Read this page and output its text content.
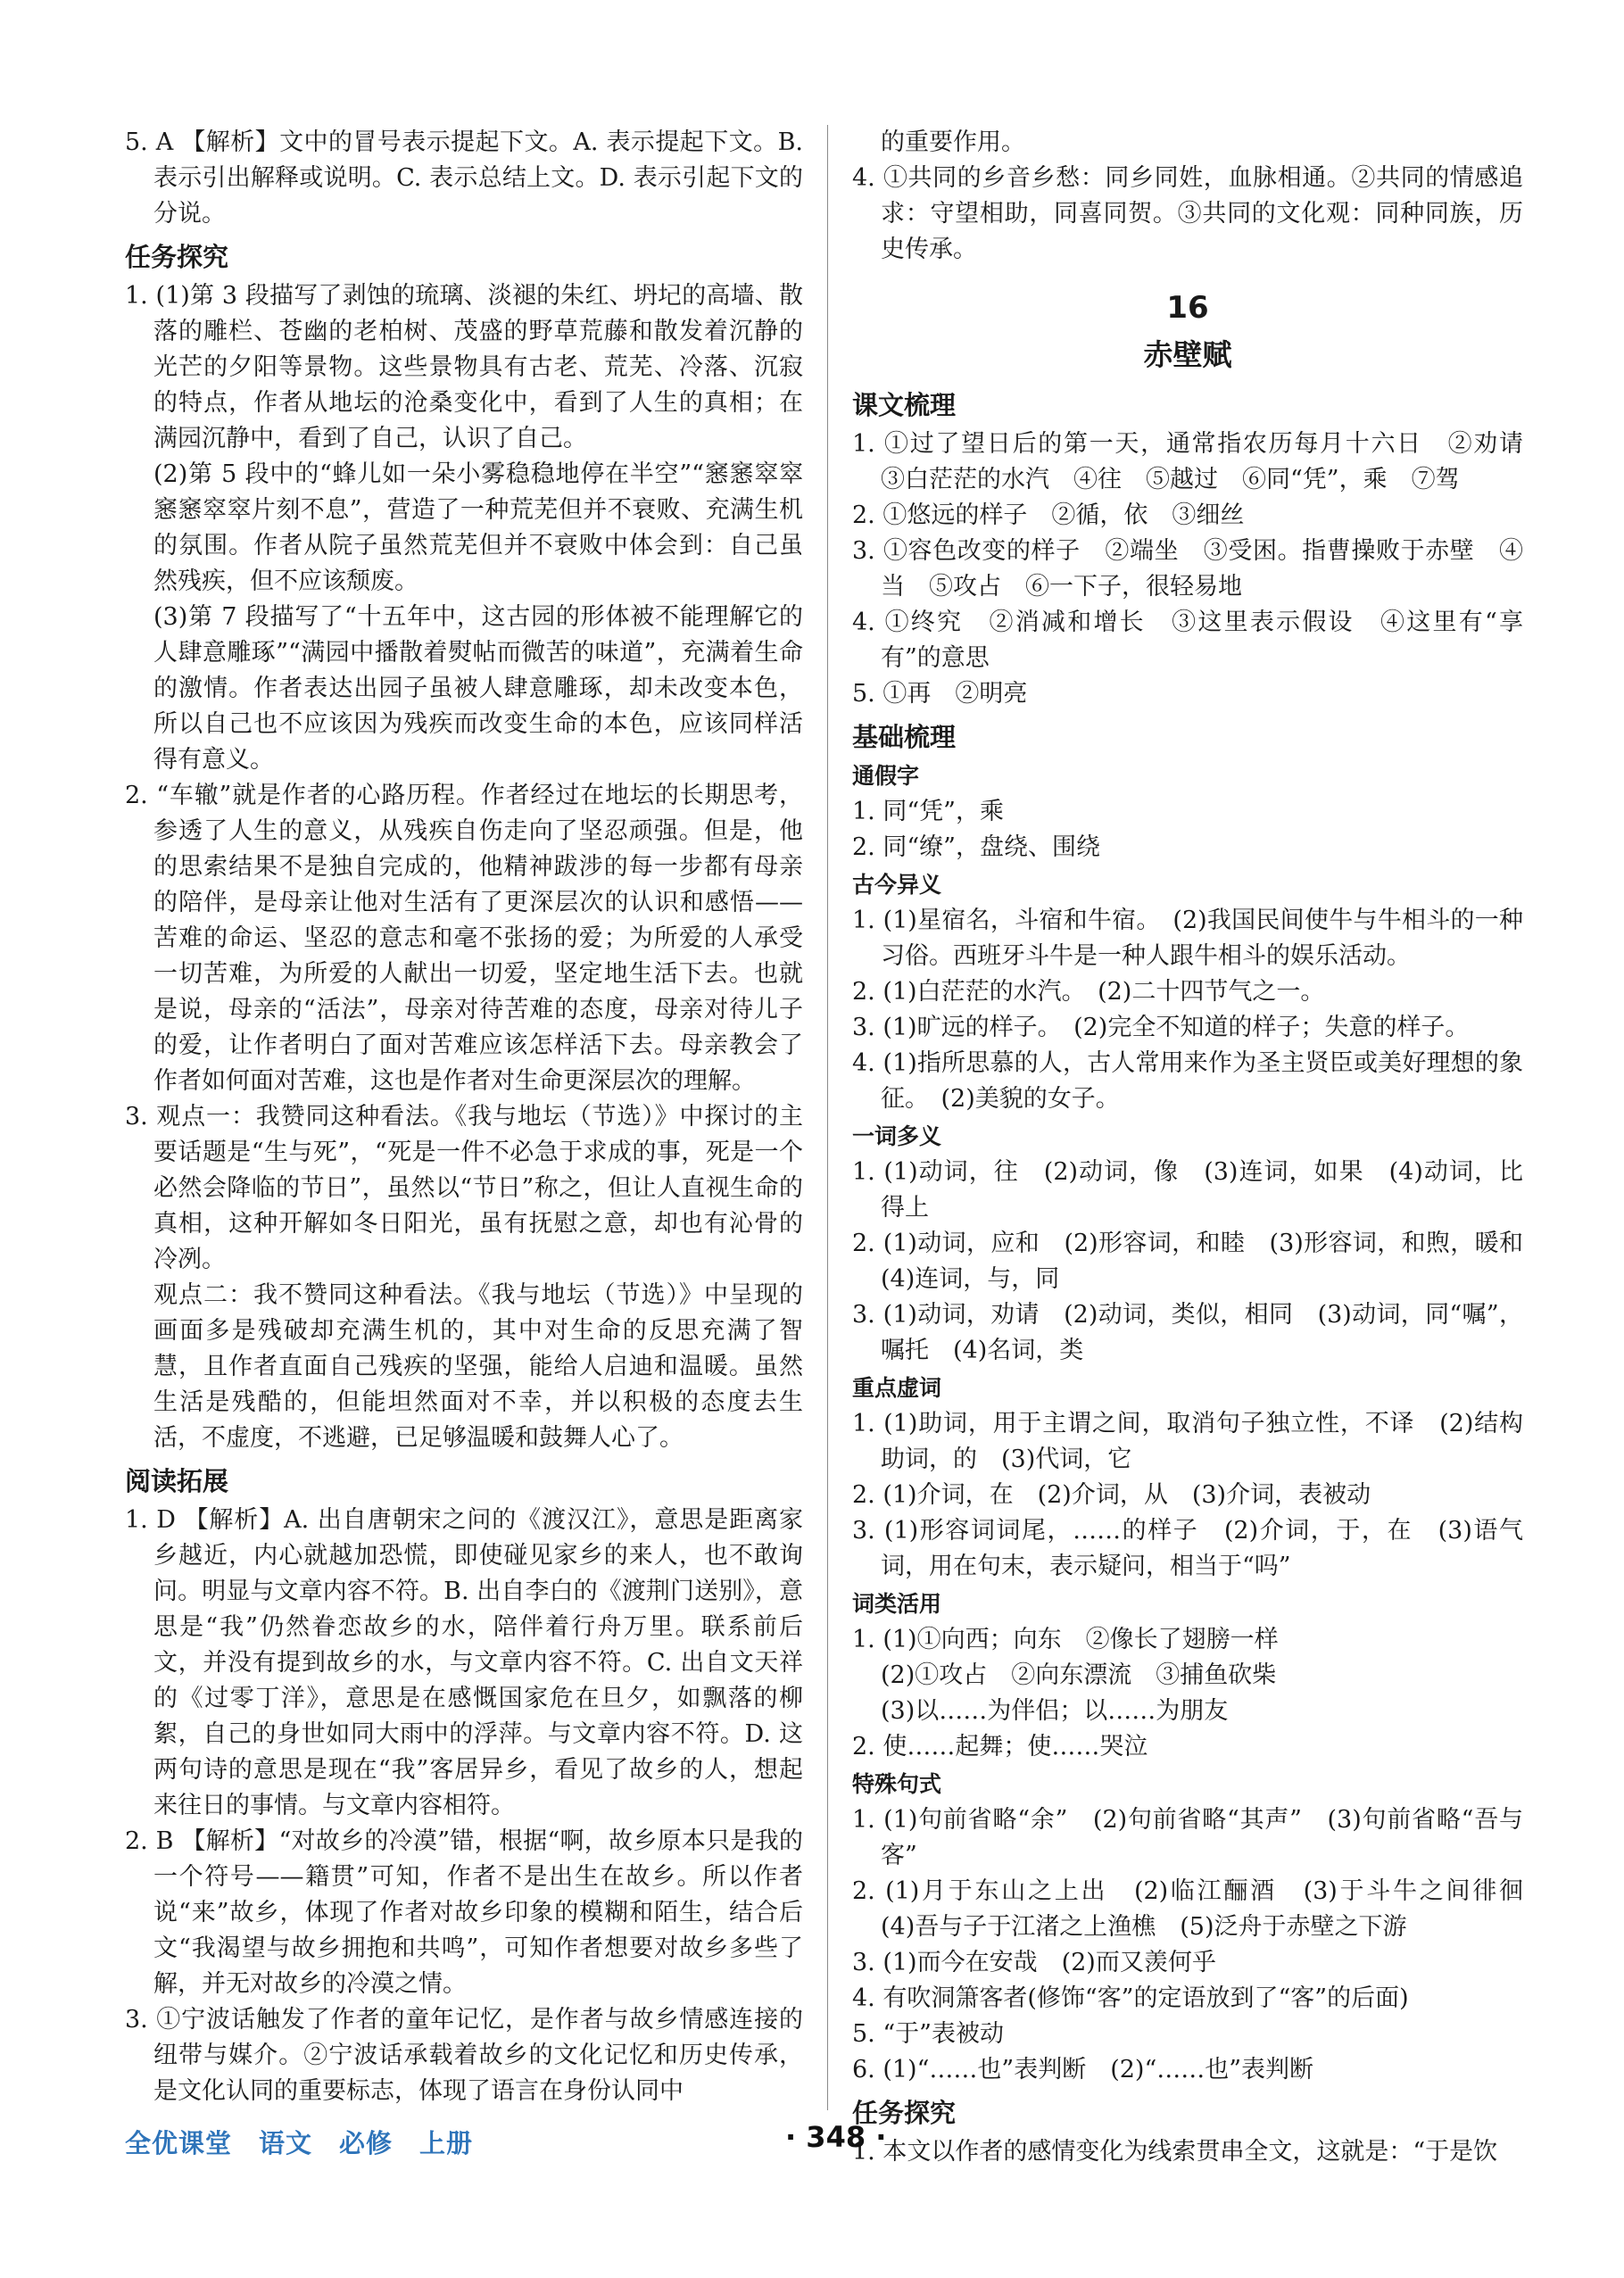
5. A 【解析】文中的冒号表示提起下文。A. 表示提起下文。B. 表示引出解释或说明。C. 表示总结上文。D. 表示引起下文的分说。

任务探究

1. (1)第 3 段描写了剥蚀的琉璃、淡褪的朱红、坍圮的高墙、散落的雕栏、苍幽的老柏树、茂盛的野草荒藤和散发着沉静的光芒的夕阳等景物。这些景物具有古老、荒芜、冷落、沉寂的特点，作者从地坛的沧桑变化中，看到了人生的真相；在满园沉静中，看到了自己，认识了自己。

(2)第 5 段中的“蜂儿如一朵小雾稳稳地停在半空”“窸窸窣窣窸窸窣窣片刻不息”，营造了一种荒芜但并不衰败、充满生机的氛围。作者从院子虽然荒芜但并不衰败中体会到：自己虽然残疾，但不应该颓废。

(3)第 7 段描写了“十五年中，这古园的形体被不能理解它的人肆意雕琢”“满园中播散着熨帖而微苦的味道”，充满着生命的激情。作者表达出园子虽被人肆意雕琢，却未改变本色，所以自己也不应该因为残疾而改变生命的本色，应该同样活得有意义。

2. “车辙”就是作者的心路历程。作者经过在地坛的长期思考，参透了人生的意义，从残疾自伤走向了坚忍顽强。但是，他的思索结果不是独自完成的，他精神跋涉的每一步都有母亲的陪伴，是母亲让他对生活有了更深层次的认识和感悟——苦难的命运、坚忍的意志和毫不张扬的爱；为所爱的人承受一切苦难，为所爱的人献出一切爱，坚定地生活下去。也就是说，母亲的“活法”，母亲对待苦难的态度，母亲对待儿子的爱，让作者明白了面对苦难应该怎样活下去。母亲教会了作者如何面对苦难，这也是作者对生命更深层次的理解。

3. 观点一：我赞同这种看法。《我与地坛（节选）》中探讨的主要话题是“生与死”，“死是一件不必急于求成的事，死是一个必然会降临的节日”，虽然以“节日”称之，但让人直视生命的真相，这种开解如冬日阳光，虽有抚慰之意，却也有沁骨的冷冽。

观点二：我不赞同这种看法。《我与地坛（节选）》中呈现的画面多是残破却充满生机的，其中对生命的反思充满了智慧，且作者直面自己残疾的坚强，能给人启迪和温暖。虽然生活是残酷的，但能坦然面对不幸，并以积极的态度去生活，不虚度，不逃避，已足够温暖和鼓舞人心了。

阅读拓展

1. D 【解析】A. 出自唐朝宋之问的《渡汉江》，意思是距离家乡越近，内心就越加恐慌，即使碰见家乡的来人，也不敢询问。明显与文章内容不符。B. 出自李白的《渡荆门送别》，意思是“我”仍然眷恋故乡的水，陪伴着行舟万里。联系前后文，并没有提到故乡的水，与文章内容不符。C. 出自文天祥的《过零丁洋》，意思是在感慨国家危在旦夕，如飘落的柳絮，自己的身世如同大雨中的浮萍。与文章内容不符。D. 这两句诗的意思是现在“我”客居异乡，看见了故乡的人，想起来往日的事情。与文章内容相符。

2. B 【解析】“对故乡的冷漠”错，根据“啊，故乡原本只是我的一个符号——籍贯”可知，作者不是出生在故乡。所以作者说“来”故乡，体现了作者对故乡印象的模糊和陌生，结合后文“我渴望与故乡拥抱和共鸣”，可知作者想要对故乡多些了解，并无对故乡的冷漠之情。

3. ①宁波话触发了作者的童年记忆，是作者与故乡情感连接的纽带与媒介。②宁波话承载着故乡的文化记忆和历史传承，是文化认同的重要标志，体现了语言在身份认同中

的重要作用。

4. ①共同的乡音乡愁：同乡同姓，血脉相通。②共同的情感追求：守望相助，同喜同贺。③共同的文化观：同种同族，历史传承。

16
赤壁赋
课文梳理

1. ①过了望日后的第一天，通常指农历每月十六日　②劝请　③白茫茫的水汽　④往　⑤越过　⑥同“凭”，乘　⑦驾

2. ①悠远的样子　②循，依　③细丝

3. ①容色改变的样子　②端坐　③受困。指曹操败于赤壁　④当　⑤攻占　⑥一下子，很轻易地

4. ①终究　②消减和增长　③这里表示假设　④这里有“享有”的意思

5. ①再　②明亮

基础梳理
通假字

1. 同“凭”，乘

2. 同“缭”，盘绕、围绕

古今异义

1. (1)星宿名，斗宿和牛宿。　(2)我国民间使牛与牛相斗的一种习俗。西班牙斗牛是一种人跟牛相斗的娱乐活动。

2. (1)白茫茫的水汽。　(2)二十四节气之一。

3. (1)旷远的样子。　(2)完全不知道的样子；失意的样子。

4. (1)指所思慕的人，古人常用来作为圣主贤臣或美好理想的象征。　(2)美貌的女子。

一词多义

1. (1)动词，往　(2)动词，像　(3)连词，如果　(4)动词，比得上

2. (1)动词，应和　(2)形容词，和睦　(3)形容词，和煦，暖和　(4)连词，与，同

3. (1)动词，劝请　(2)动词，类似，相同　(3)动词，同“嘱”，嘱托　(4)名词，类

重点虚词

1. (1)助词，用于主谓之间，取消句子独立性，不译　(2)结构助词，的　(3)代词，它

2. (1)介词，在　(2)介词，从　(3)介词，表被动

3. (1)形容词词尾，……的样子　(2)介词，于，在　(3)语气词，用在句末，表示疑问，相当于“吗”

词类活用

1. (1)①向西；向东　②像长了翅膀一样

(2)①攻占　②向东漂流　③捕鱼砍柴

(3)以……为伴侣；以……为朋友

2. 使……起舞；使……哭泣

特殊句式

1. (1)句前省略“余”　(2)句前省略“其声”　(3)句前省略“吾与客”

2. (1)月于东山之上出　(2)临江酾酒　(3)于斗牛之间徘徊　(4)吾与子于江渚之上渔樵　(5)泛舟于赤壁之下游

3. (1)而今在安哉　(2)而又羡何乎

4. 有吹洞箫客者(修饰“客”的定语放到了“客”的后面)

5. “于”表被动

6. (1)“……也”表判断　(2)“……也”表判断

任务探究

1. 本文以作者的感情变化为线索贯串全文，这就是：“于是饮

全优课堂　语文　必修　上册	· 348 ·
